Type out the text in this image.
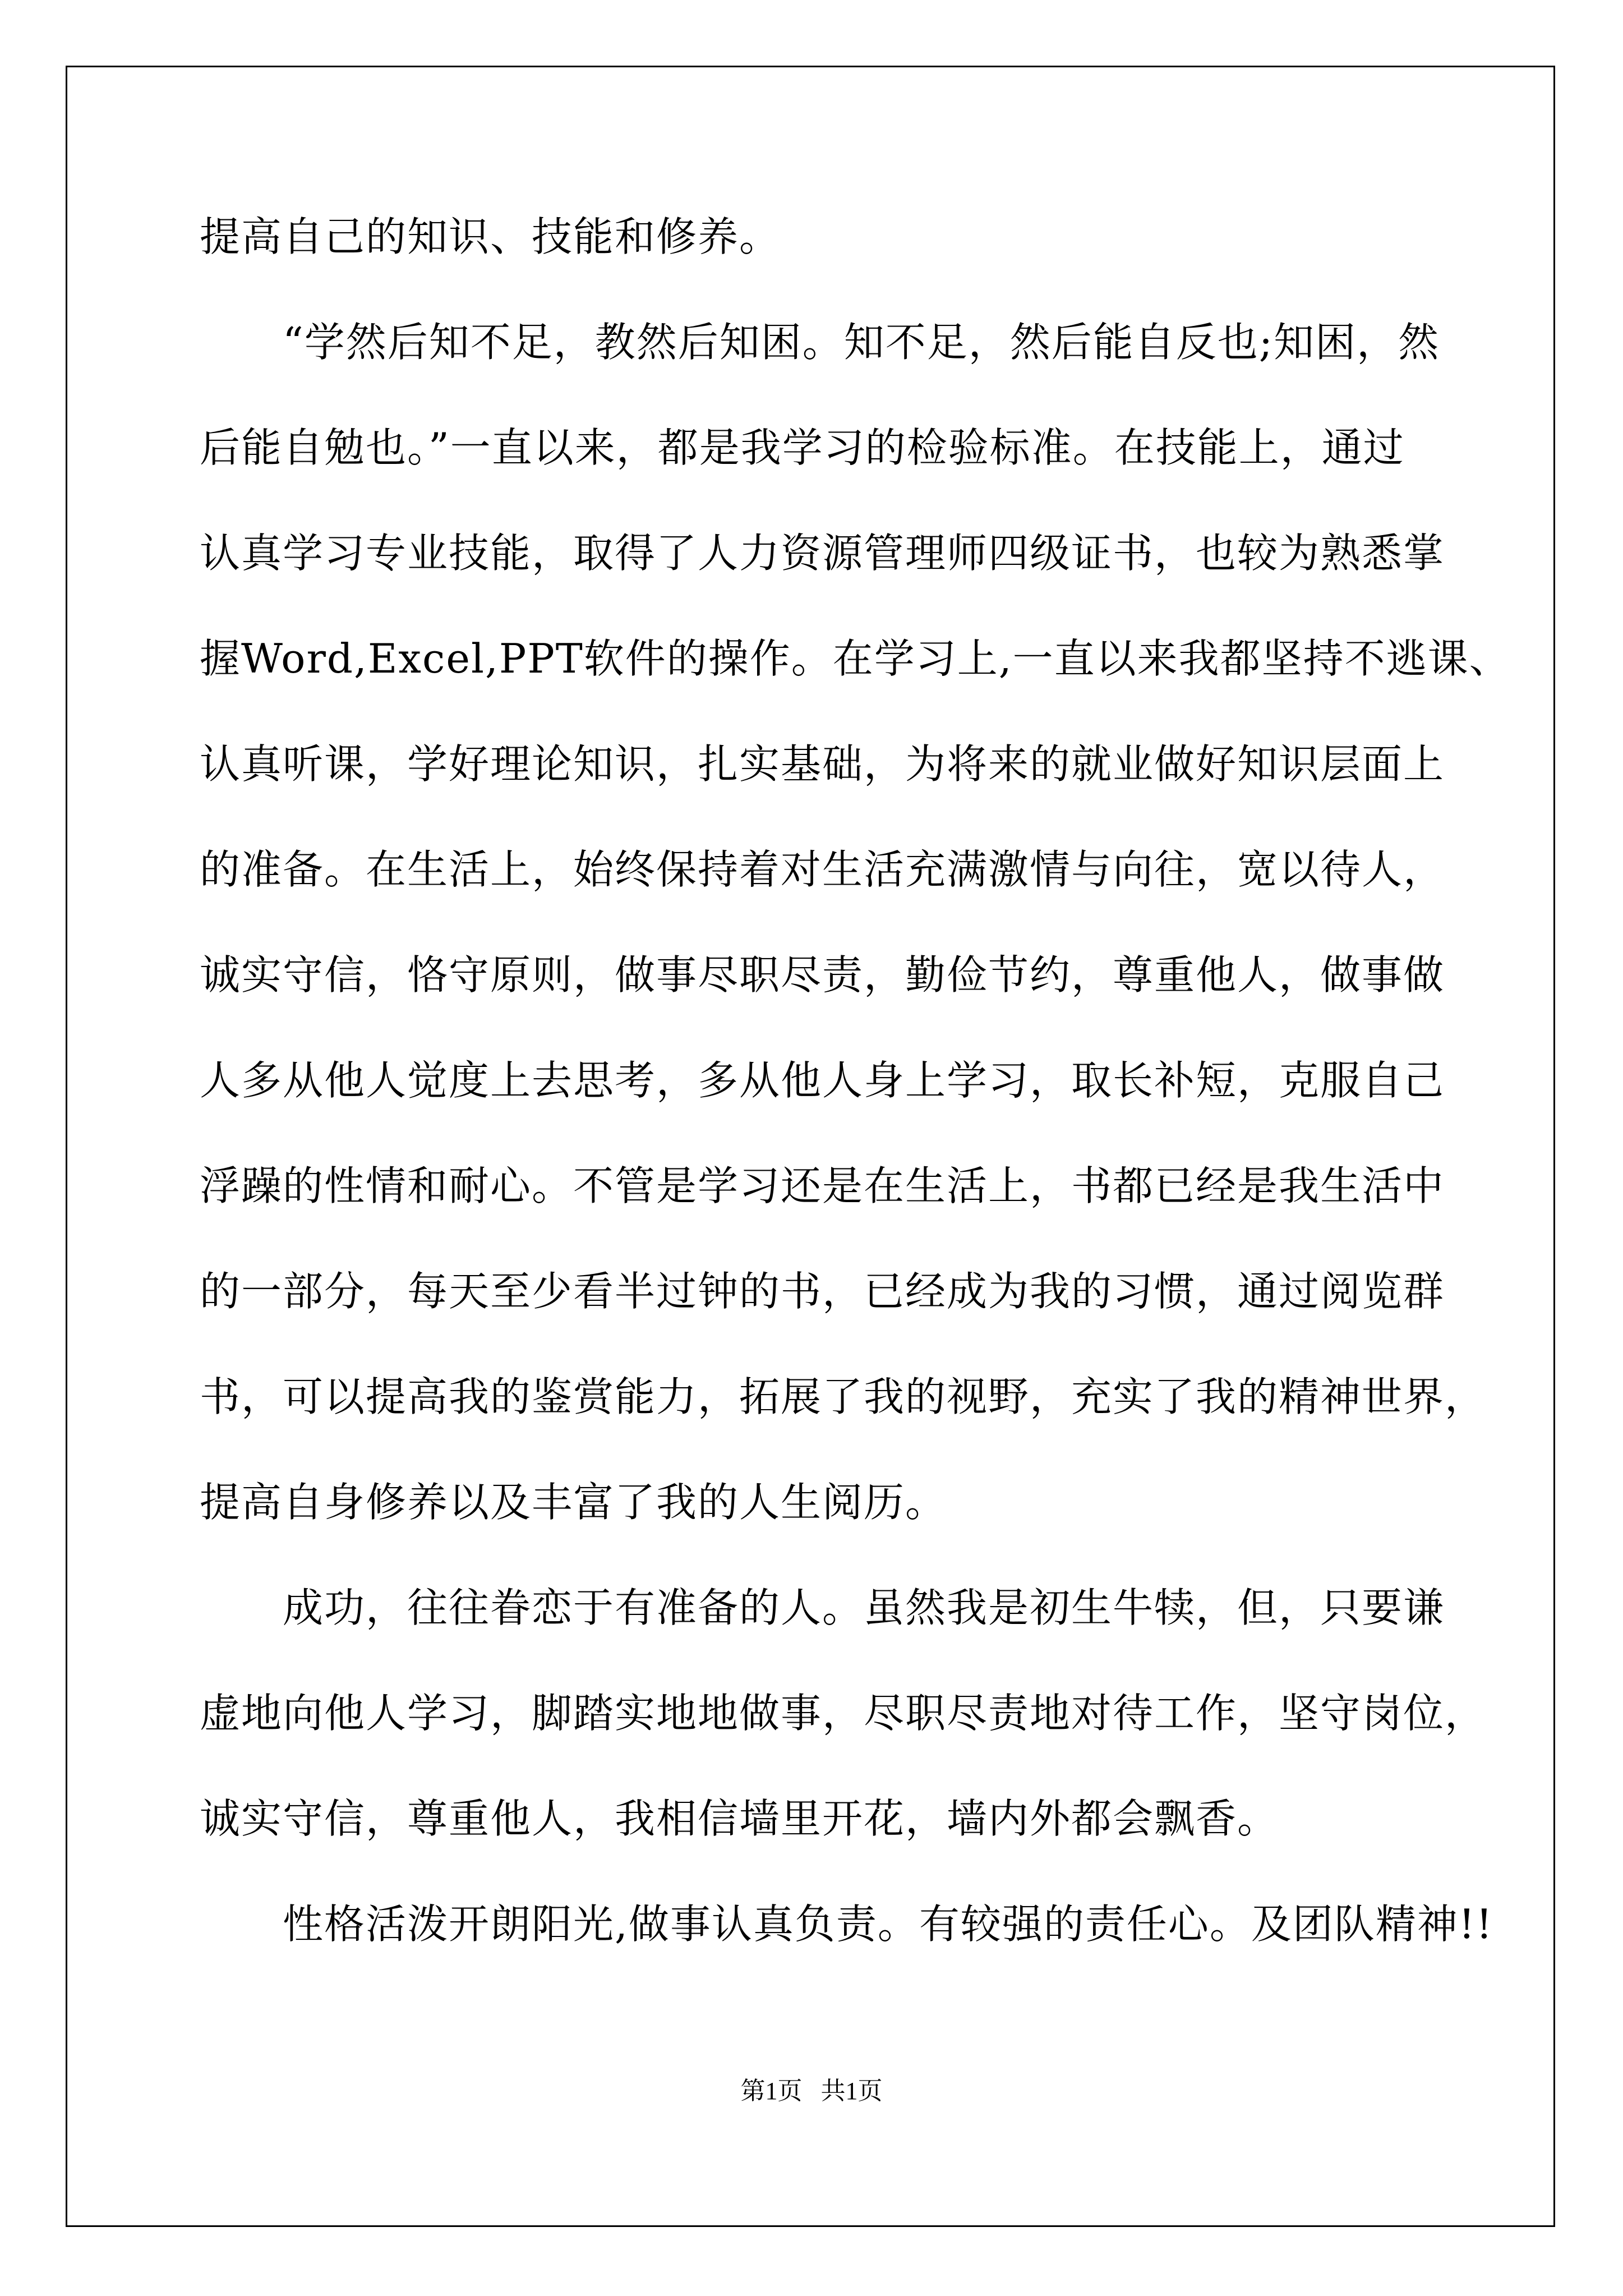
提高自己的知识、技能和修养。
“学然后知不足，教然后知困。知不足，然后能自反也;知困，然
后能自勉也。”一直以来，都是我学习的检验标准。在技能上，通过
认真学习专业技能，取得了人力资源管理师四级证书，也较为熟悉掌
握Word,Excel,PPT软件的操作。在学习上,一直以来我都坚持不逃课、
认真听课，学好理论知识，扎实基础，为将来的就业做好知识层面上
的准备。在生活上，始终保持着对生活充满激情与向往，宽以待人，
诚实守信，恪守原则，做事尽职尽责，勤俭节约，尊重他人，做事做
人多从他人觉度上去思考，多从他人身上学习，取长补短，克服自己
浮躁的性情和耐心。不管是学习还是在生活上，书都已经是我生活中
的一部分，每天至少看半过钟的书，已经成为我的习惯，通过阅览群
书，可以提高我的鉴赏能力，拓展了我的视野，充实了我的精神世界，
提高自身修养以及丰富了我的人生阅历。
成功，往往眷恋于有准备的人。虽然我是初生牛犊，但，只要谦
虚地向他人学习，脚踏实地地做事，尽职尽责地对待工作，坚守岗位，
诚实守信，尊重他人，我相信墙里开花，墙内外都会飘香。
性格活泼开朗阳光,做事认真负责。有较强的责任心。及团队精神!!
第1页 共1页
